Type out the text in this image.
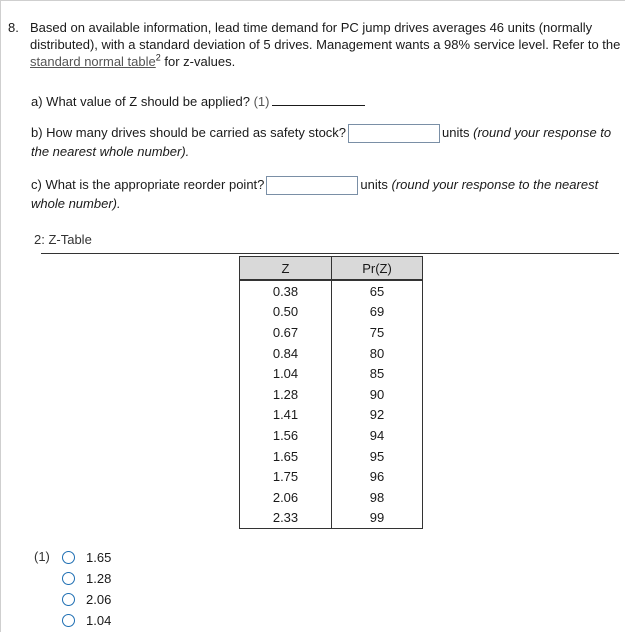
8. Based on available information, lead time demand for PC jump drives averages 46 units (normally distributed), with a standard deviation of 5 drives. Management wants a 98% service level. Refer to the standard normal table$^2$ for z-values.
a) What value of Z should be applied? (1)
b) How many drives should be carried as safety stock?	units (round your response to the nearest whole number).
c) What is the appropriate reorder point?	units (round your response to the nearest whole number).
2: Z-Table
Z	Pr(Z)
0.38	65
0.50	69
0.67	75
0.84	80
1.04	85
1.28	90
1.41	92
1.56	94
1.65	95
1.75	96
2.06	98
2.33	99
(1)	1.65
1.28
2.06
1.04
